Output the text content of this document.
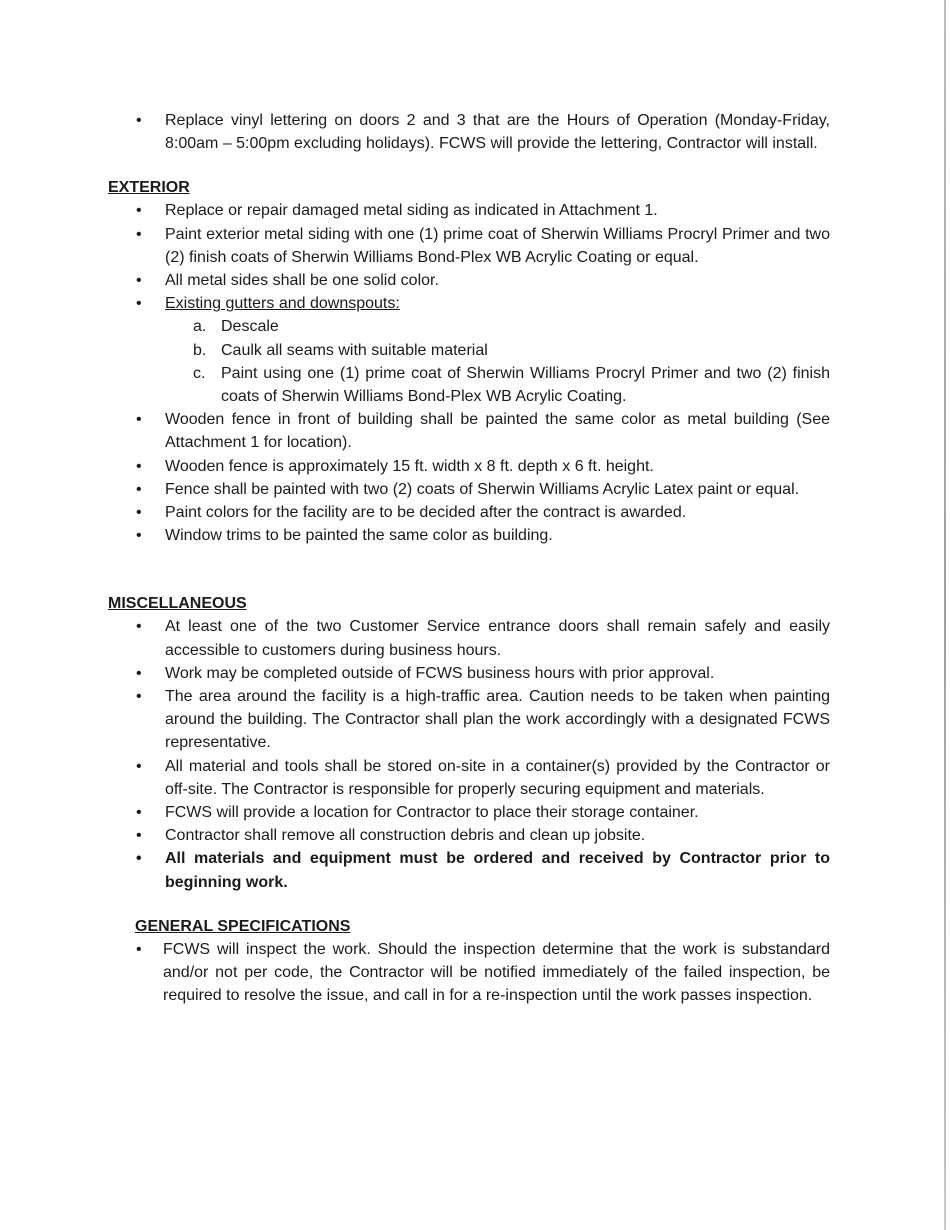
• Replace vinyl lettering on doors 2 and 3 that are the Hours of Operation (Monday-Friday, 8:00am – 5:00pm excluding holidays). FCWS will provide the lettering, Contractor will install.

EXTERIOR

• Replace or repair damaged metal siding as indicated in Attachment 1.
• Paint exterior metal siding with one (1) prime coat of Sherwin Williams Procryl Primer and two (2) finish coats of Sherwin Williams Bond-Plex WB Acrylic Coating or equal.
• All metal sides shall be one solid color.
• Existing gutters and downspouts:
a. Descale
b. Caulk all seams with suitable material
c. Paint using one (1) prime coat of Sherwin Williams Procryl Primer and two (2) finish coats of Sherwin Williams Bond-Plex WB Acrylic Coating.
• Wooden fence in front of building shall be painted the same color as metal building (See Attachment 1 for location).
• Wooden fence is approximately 15 ft. width x 8 ft. depth x 6 ft. height.
• Fence shall be painted with two (2) coats of Sherwin Williams Acrylic Latex paint or equal.
• Paint colors for the facility are to be decided after the contract is awarded.
• Window trims to be painted the same color as building.

MISCELLANEOUS

• At least one of the two Customer Service entrance doors shall remain safely and easily accessible to customers during business hours.
• Work may be completed outside of FCWS business hours with prior approval.
• The area around the facility is a high-traffic area. Caution needs to be taken when painting around the building. The Contractor shall plan the work accordingly with a designated FCWS representative.
• All material and tools shall be stored on-site in a container(s) provided by the Contractor or off-site. The Contractor is responsible for properly securing equipment and materials.
• FCWS will provide a location for Contractor to place their storage container.
• Contractor shall remove all construction debris and clean up jobsite.
• All materials and equipment must be ordered and received by Contractor prior to beginning work.

GENERAL SPECIFICATIONS

• FCWS will inspect the work. Should the inspection determine that the work is substandard and/or not per code, the Contractor will be notified immediately of the failed inspection, be required to resolve the issue, and call in for a re-inspection until the work passes inspection.
